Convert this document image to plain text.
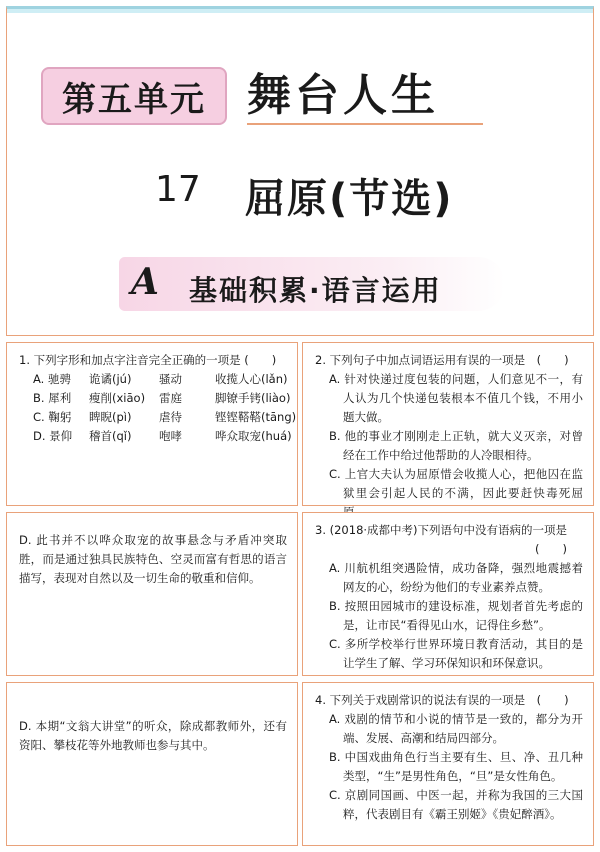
第五单元 舞台人生
17 屈原(节选)
A 基础积累·语言运用
1. 下列字形和加点字注音完全正确的一项是 (　　)
A. 驰骋	诡谲(jú)	骚动	收揽人心(lǎn)
B. 犀利	瘦削(xiāo)	雷庭	脚镣手铐(liào)
C. 鞠躬	睥睨(pì)	虐待	铿铿鞳鞳(tāng)
D. 景仰	稽首(qǐ)	咆哮	哗众取宠(huá)
2. 下列句子中加点词语运用有误的一项是　(　　)
A. 针对快递过度包装的问题，人们意见不一，有人认为几个快递包装根本不值几个钱，不用小题大做。
B. 他的事业才刚刚走上正轨，就大义灭亲，对曾经在工作中给过他帮助的人冷眼相待。
C. 上官大夫认为屈原惜会收揽人心，把他囚在监狱里会引起人民的不满，因此要赶快毒死屈
D. 此书并不以哗众取宠的故事悬念与矛盾冲突取胜，而是通过独具民族特色、空灵而富有哲思的语言描写，表现对自然以及一切生命的敬重和信仰。
3. (2018·成都中考)下列语句中没有语病的一项是
(　　)
A. 川航机组突遇险情，成功备降，强烈地震撼着网友的心，纷纷为他们的专业素养点赞。
B. 按照田园城市的建设标准，规划者首先考虑的是，让市民“看得见山水，记得住乡愁”。
C. 多所学校举行世界环境日教育活动，其目的是让学生了解、学习环保知识和环保意识。
D. 本期“文翁大讲堂”的听众，除成都教师外，还有资阳、攀枝花等外地教师也参与其中。
4. 下列关于戏剧常识的说法有误的一项是　(　　)
A. 戏剧的情节和小说的情节是一致的，都分为开端、发展、高潮和结局四部分。
B. 中国戏曲角色行当主要有生、旦、净、丑几种类型，“生”是男性角色，“旦”是女性角色。
C. 京剧同国画、中医一起，并称为我国的三大国粹，代表剧目有《霸王别姬》《贵妃醉酒》。
